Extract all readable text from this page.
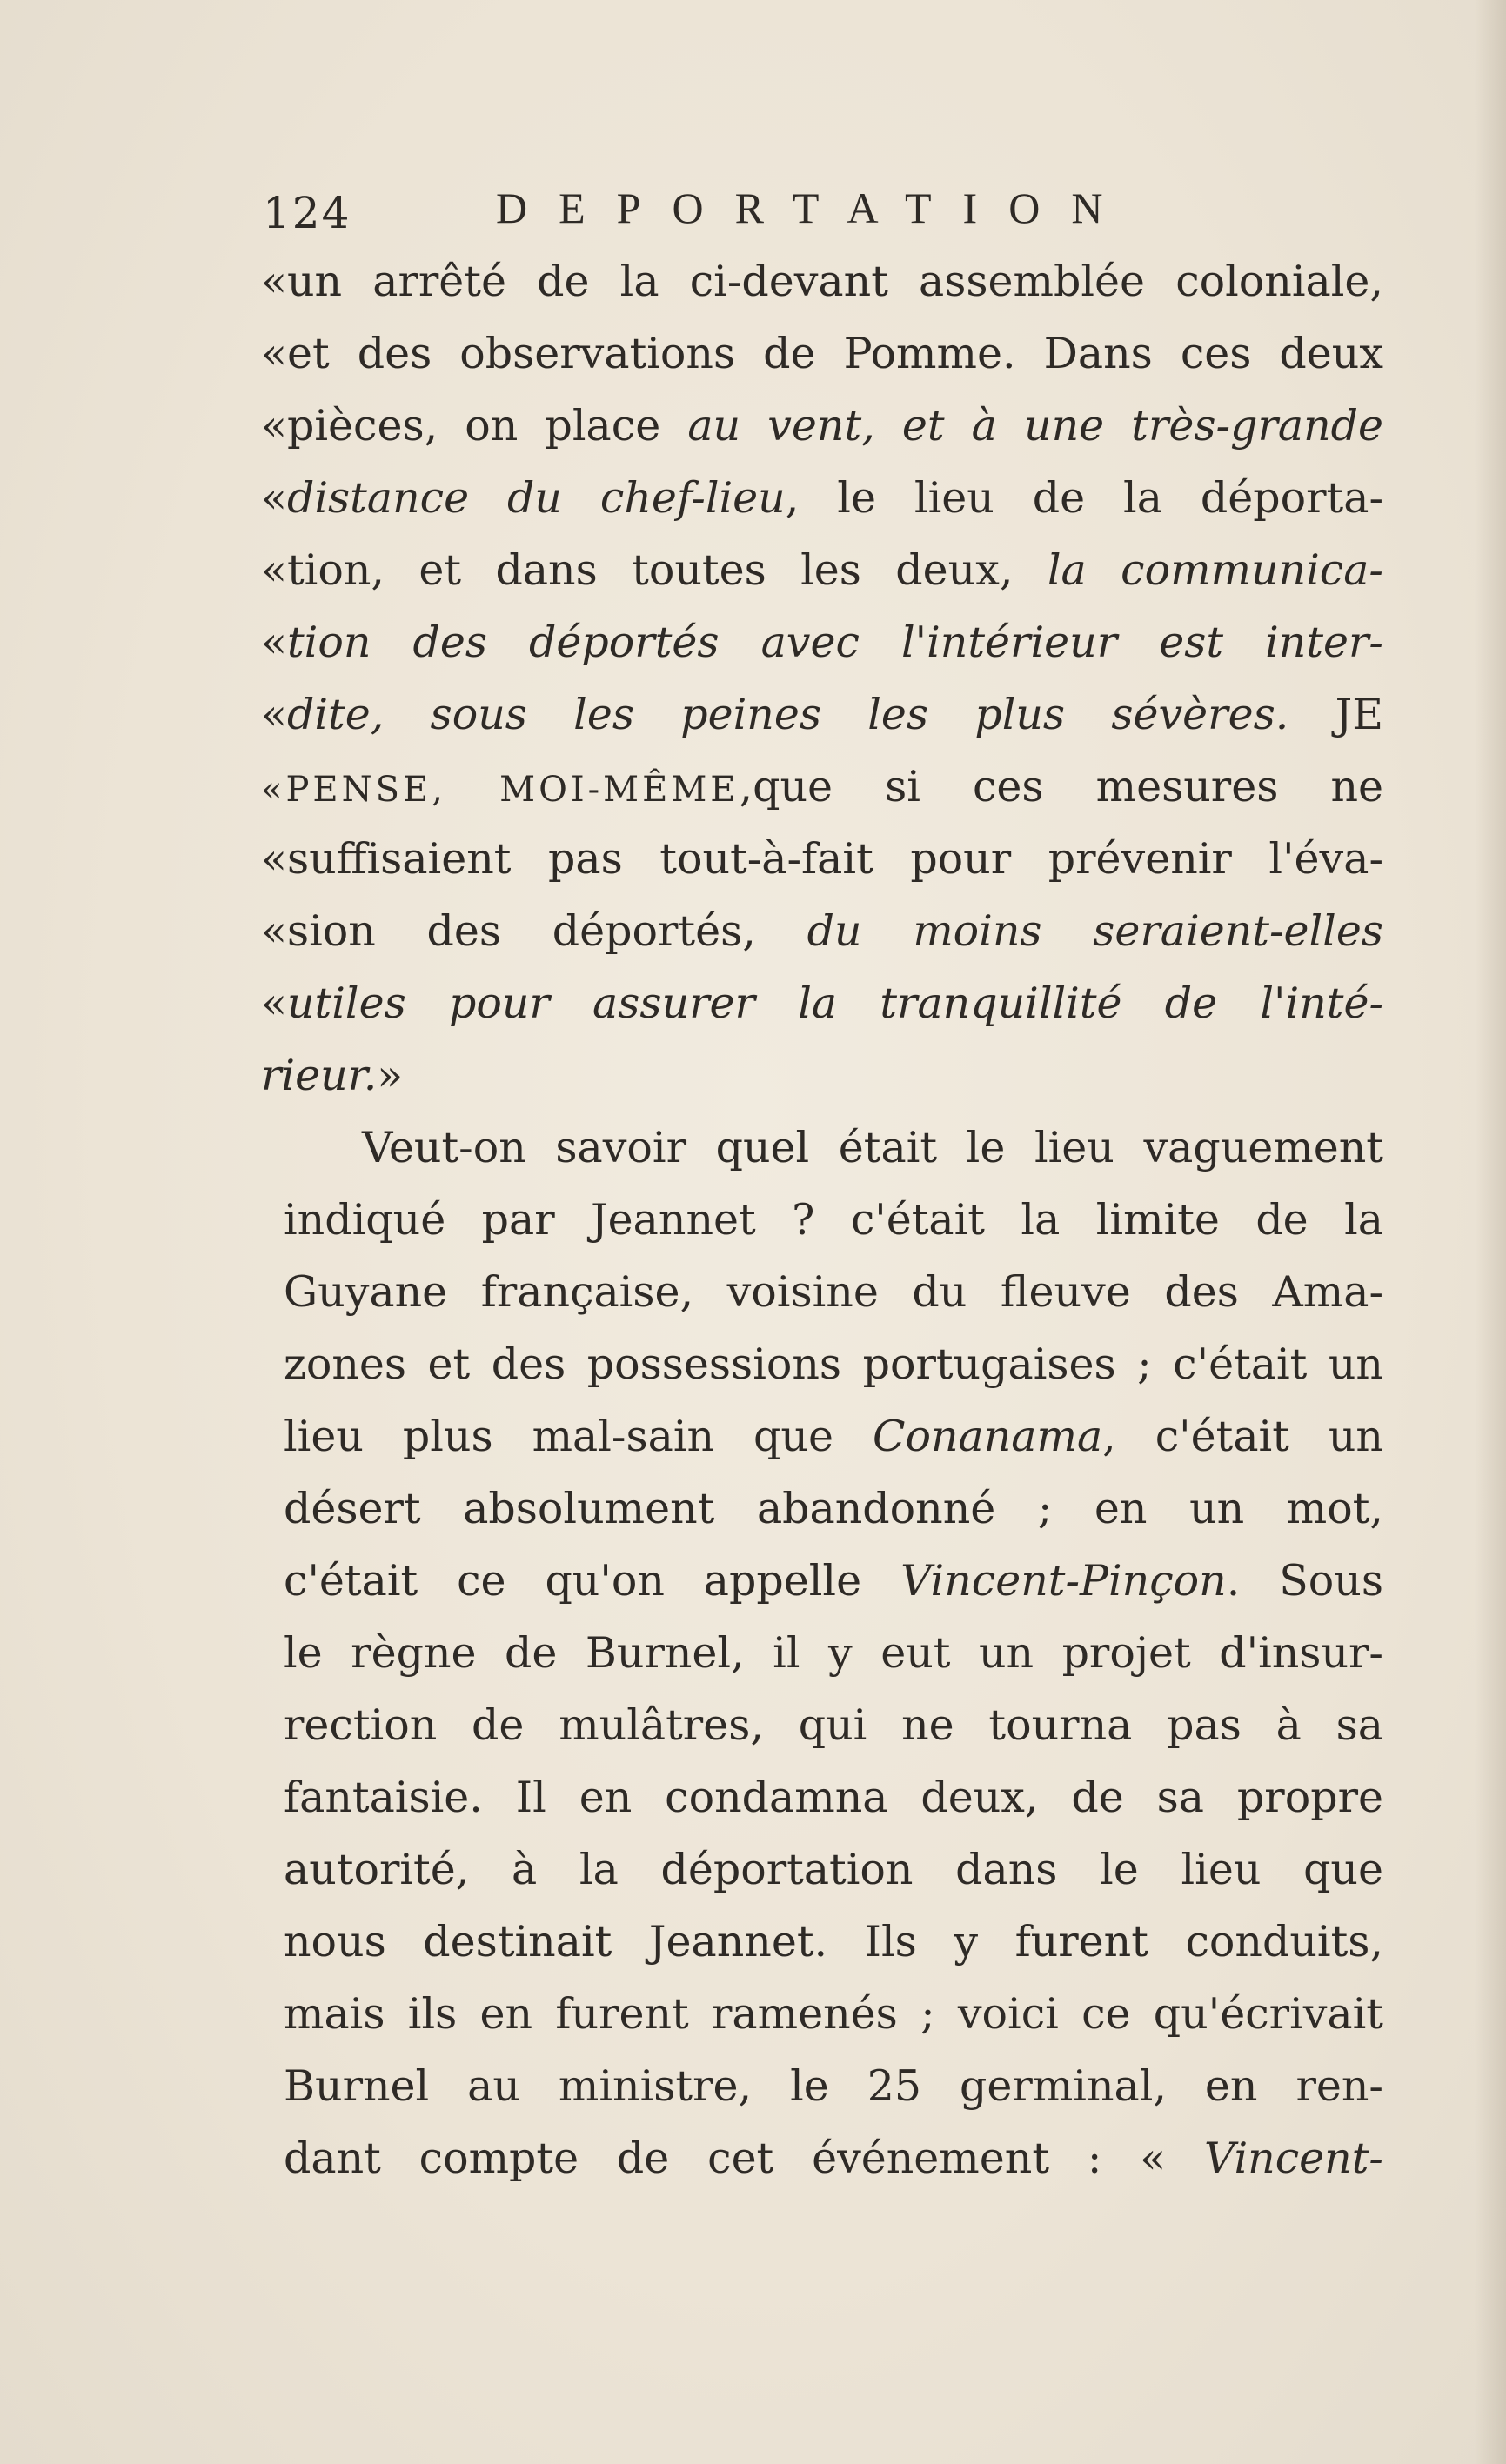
124	DEPORTATION
«un arrêté de la ci-devant assemblée coloniale,
«et des observations de Pomme. Dans ces deux
«pièces, on place au vent, et à une très-grande
«distance du chef-lieu, le lieu de la déporta-
«tion, et dans toutes les deux, la communica-
«tion des déportés avec l'intérieur est inter-
«dite, sous les peines les plus sévères. JE
«PENSE, MOI-MÊME,que si ces mesures ne
«suffisaient pas tout-à-fait pour prévenir l'éva-
«sion des déportés, du moins seraient-elles
«utiles pour assurer la tranquillité de l'inté-
rieur.»
Veut-on savoir quel était le lieu vaguement
indiqué par Jeannet ? c'était la limite de la
Guyane française, voisine du fleuve des Ama-
zones et des possessions portugaises ; c'était un
lieu plus mal-sain que Conanama, c'était un
désert absolument abandonné ; en un mot,
c'était ce qu'on appelle Vincent-Pinçon. Sous
le règne de Burnel, il y eut un projet d'insur-
rection de mulâtres, qui ne tourna pas à sa
fantaisie. Il en condamna deux, de sa propre
autorité, à la déportation dans le lieu que
nous destinait Jeannet. Ils y furent conduits,
mais ils en furent ramenés ; voici ce qu'écrivait
Burnel au ministre, le 25 germinal, en ren-
dant compte de cet événement : « Vincent-
